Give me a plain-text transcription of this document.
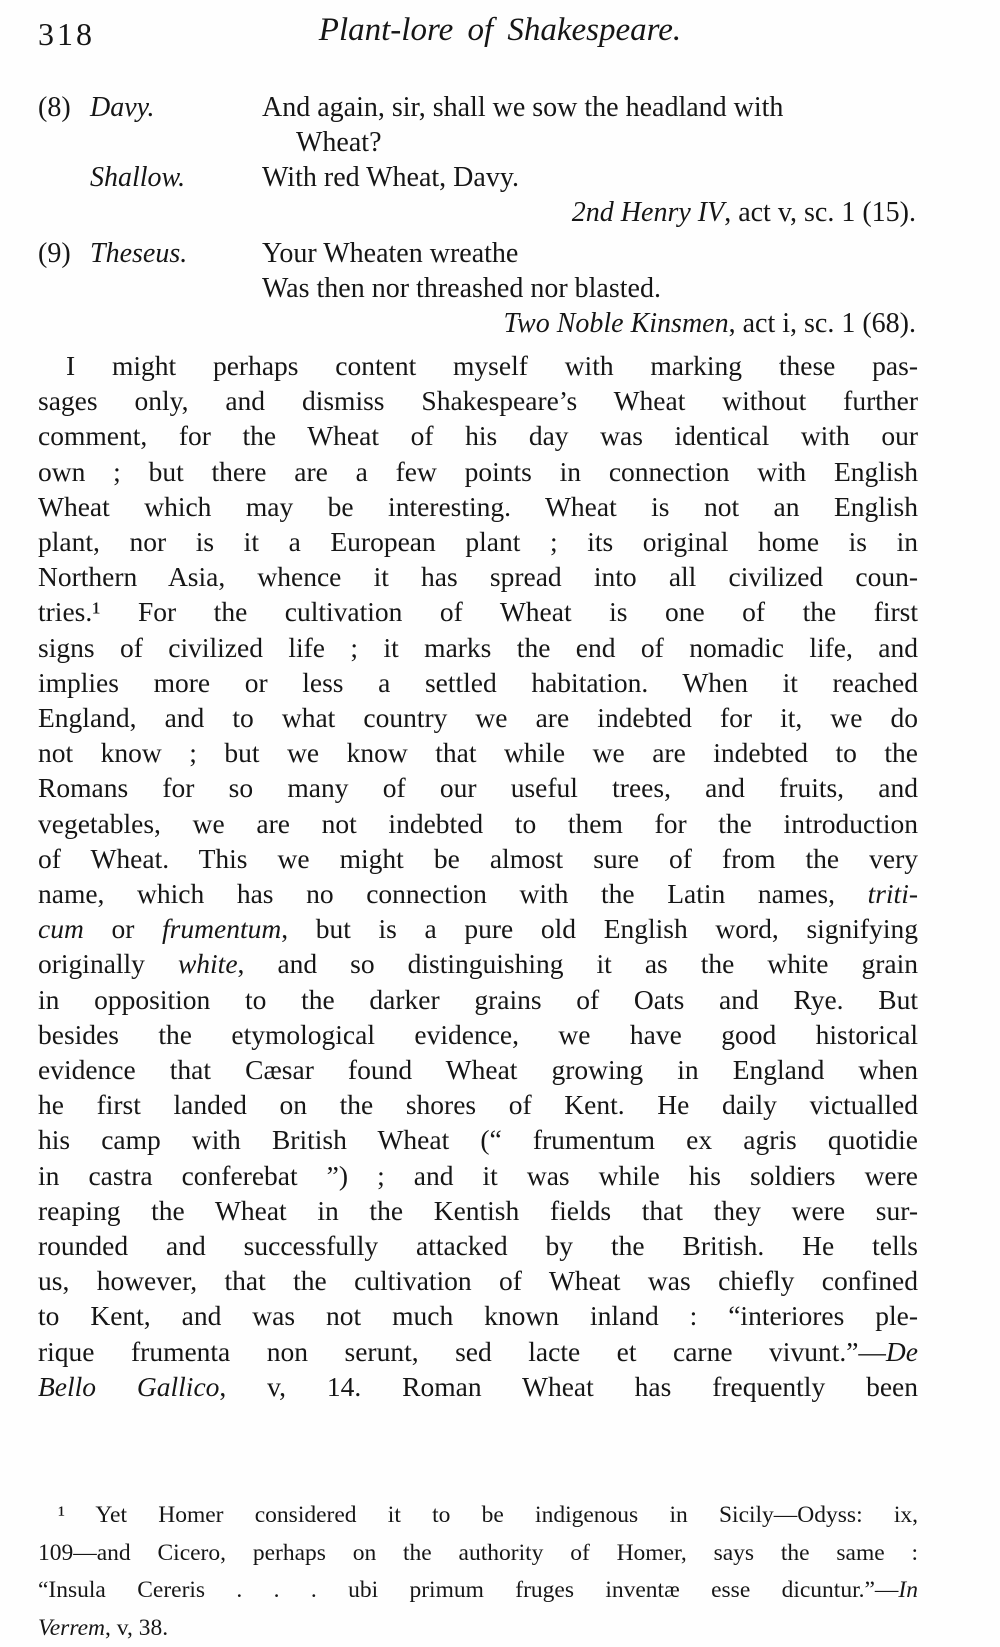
318	Plant-lore of Shakespeare.
(8) Davy.	And again, sir, shall we sow the headland with
Wheat?
Shallow.	With red Wheat, Davy.
2nd Henry IV, act v, sc. 1 (15).
(9) Theseus.	Your Wheaten wreathe
Was then nor threashed nor blasted.
Two Noble Kinsmen, act i, sc. 1 (68).
I might perhaps content myself with marking these pas-
sages only, and dismiss Shakespeare’s Wheat without further
comment, for the Wheat of his day was identical with our
own ; but there are a few points in connection with English
Wheat which may be interesting. Wheat is not an English
plant, nor is it a European plant ; its original home is in
Northern Asia, whence it has spread into all civilized coun-
tries.¹ For the cultivation of Wheat is one of the first
signs of civilized life ; it marks the end of nomadic life, and
implies more or less a settled habitation. When it reached
England, and to what country we are indebted for it, we do
not know ; but we know that while we are indebted to the
Romans for so many of our useful trees, and fruits, and
vegetables, we are not indebted to them for the introduction
of Wheat. This we might be almost sure of from the very
name, which has no connection with the Latin names, triti-
cum or frumentum, but is a pure old English word, signifying
originally white, and so distinguishing it as the white grain
in opposition to the darker grains of Oats and Rye. But
besides the etymological evidence, we have good historical
evidence that Cæsar found Wheat growing in England when
he first landed on the shores of Kent. He daily victualled
his camp with British Wheat (“ frumentum ex agris quotidie
in castra conferebat ”) ; and it was while his soldiers were
reaping the Wheat in the Kentish fields that they were sur-
rounded and successfully attacked by the British. He tells
us, however, that the cultivation of Wheat was chiefly confined
to Kent, and was not much known inland : “interiores ple-
rique frumenta non serunt, sed lacte et carne vivunt.”—De
Bello Gallico, v, 14. Roman Wheat has frequently been
¹ Yet Homer considered it to be indigenous in Sicily—Odyss: ix,
109—and Cicero, perhaps on the authority of Homer, says the same :
“Insula Cereris . . . ubi primum fruges inventæ esse dicuntur.”—In
Verrem, v, 38.
